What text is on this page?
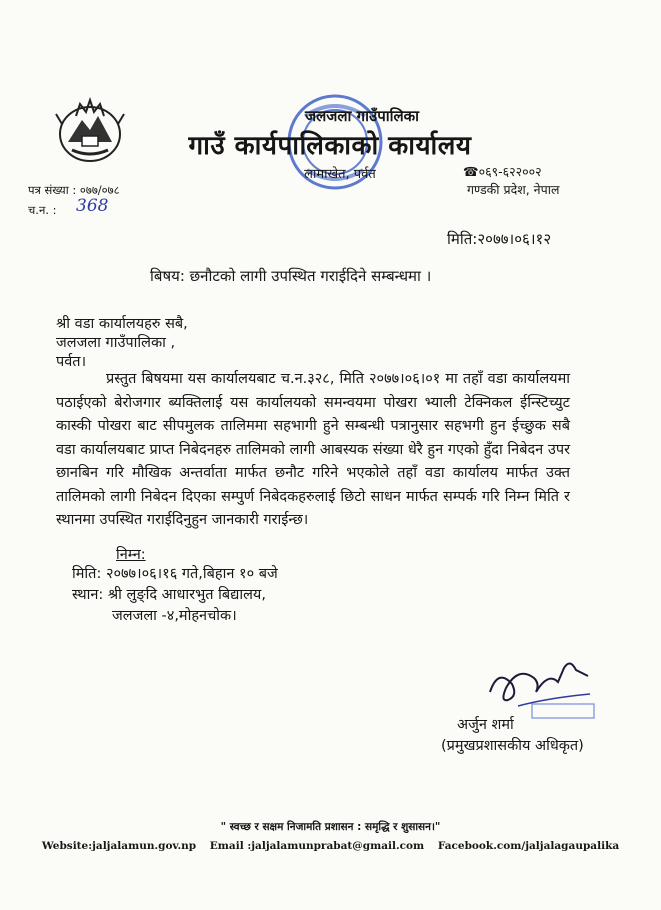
जलजला गाउँपालिका
गाउँ कार्यपालिकाको कार्यालय
लामाखेत, पर्वत	☎०६९-६२२००२
गण्डकी प्रदेश, नेपाल
पत्र संख्या : ०७७/०७८
च.न. : 368
मिति:२०७७।०६।१२
बिषय: छनौटको लागी उपस्थित गराईदिने सम्बन्धमा ।
श्री वडा कार्यालयहरु सबै,
जलजला गाउँपालिका ,
पर्वत।
प्रस्तुत बिषयमा यस कार्यालयबाट च.न.३२८, मिति २०७७।०६।०१ मा तहाँ वडा कार्यालयमा पठाईएको बेरोजगार ब्यक्तिलाई यस कार्यालयको समन्वयमा पोखरा भ्याली टेक्निकल ईन्स्टिच्युट कास्की पोखरा बाट सीपमुलक तालिममा सहभागी हुने सम्बन्धी पत्रानुसार सहभगी हुन ईच्छुक सबै वडा कार्यालयबाट प्राप्त निबेदनहरु तालिमको लागी आबस्यक संख्या धेरै हुन गएको हुँदा निबेदन उपर छानबिन गरि मौखिक अन्तर्वाता मार्फत छनौट गरिने भएकोले तहाँ वडा कार्यालय मार्फत उक्त तालिमको लागी निबेदन दिएका सम्पुर्ण निबेदकहरुलाई छिटो साधन मार्फत सम्पर्क गरि निम्न मिति र स्थानमा उपस्थित गराईदिनुहुन जानकारी गराईन्छ।
निम्न:
मिति: २०७७।०६।१६ गते,बिहान १० बजे
स्थान: श्री लुङ्दि आधारभुत बिद्यालय,
जलजला -४,मोहनचोक।
अर्जुन शर्मा
(प्रमुखप्रशासकीय अधिकृत)
" स्वच्छ र सक्षम निजामति प्रशासन : समृद्धि र शुसासन।"
Website:jaljalamun.gov.np Email :jaljalamunprabat@gmail.com Facebook.com/jaljalagaupalika
